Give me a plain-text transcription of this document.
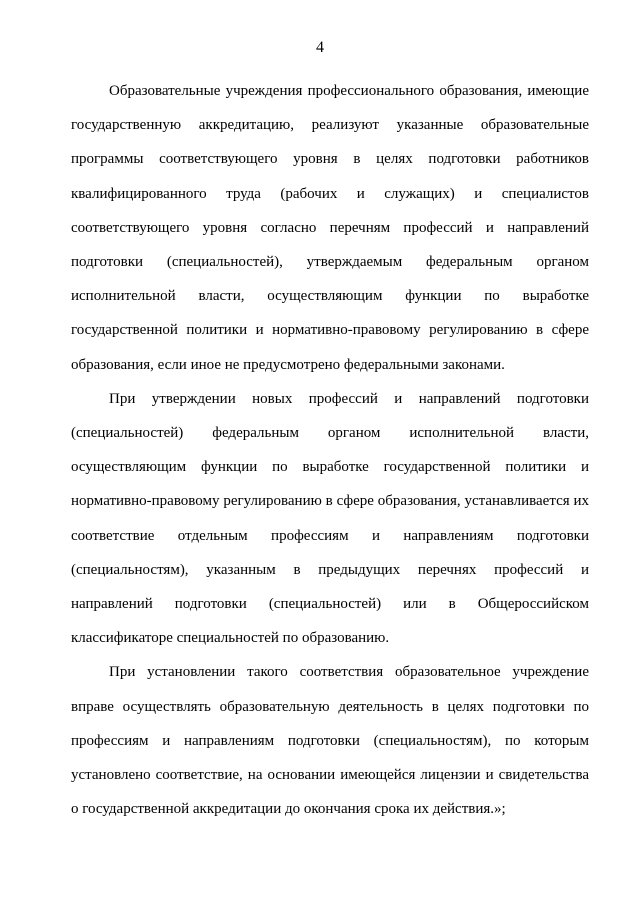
4

Образовательные учреждения профессионального образования, имеющие государственную аккредитацию, реализуют указанные образовательные программы соответствующего уровня в целях подготовки работников квалифицированного труда (рабочих и служащих) и специалистов соответствующего уровня согласно перечням профессий и направлений подготовки (специальностей), утверждаемым федеральным органом исполнительной власти, осуществляющим функции по выработке государственной политики и нормативно-правовому регулированию в сфере образования, если иное не предусмотрено федеральными законами.

При утверждении новых профессий и направлений подготовки (специальностей) федеральным органом исполнительной власти, осуществляющим функции по выработке государственной политики и нормативно-правовому регулированию в сфере образования, устанавливается их соответствие отдельным профессиям и направлениям подготовки (специальностям), указанным в предыдущих перечнях профессий и направлений подготовки (специальностей) или в Общероссийском классификаторе специальностей по образованию.

При установлении такого соответствия образовательное учреждение вправе осуществлять образовательную деятельность в целях подготовки по профессиям и направлениям подготовки (специальностям), по которым установлено соответствие, на основании имеющейся лицензии и свидетельства о государственной аккредитации до окончания срока их действия.»;
